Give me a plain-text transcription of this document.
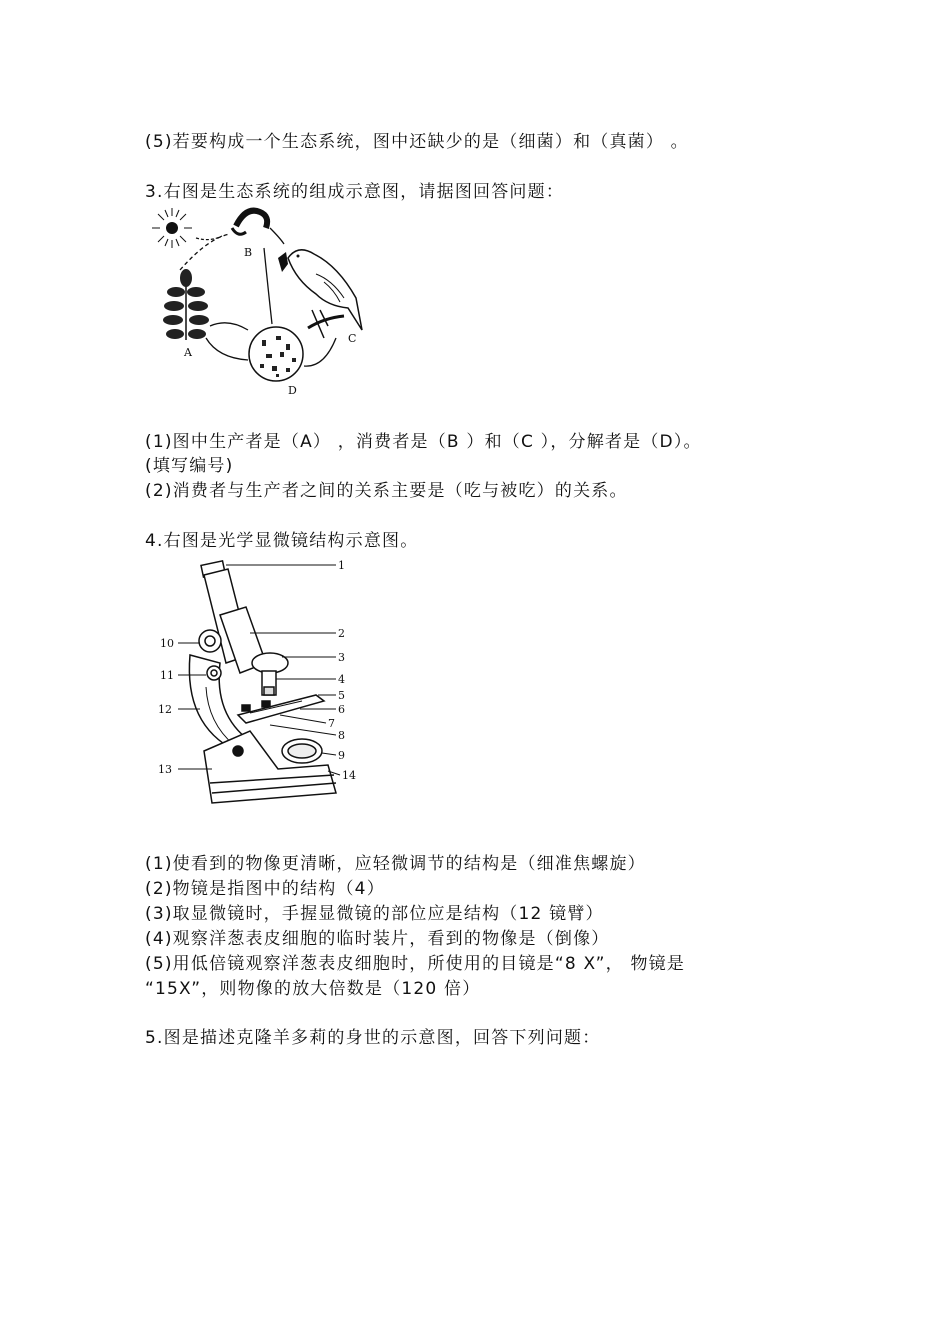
(5)若要构成一个生态系统，图中还缺少的是（细菌）和（真菌） 。
3.右图是生态系统的组成示意图，请据图回答问题：
B
C
A
D
(1)图中生产者是（A） ，消费者是（B ）和（C ），分解者是（D）。
(填写编号)
(2)消费者与生产者之间的关系主要是（吃与被吃）的关系。
4.右图是光学显微镜结构示意图。
1
2
3
4
5
6
7
8
9
10
11
12
13	14
(1)使看到的物像更清晰，应轻微调节的结构是（细准焦螺旋）
(2)物镜是指图中的结构（4）
(3)取显微镜时，手握显微镜的部位应是结构（12 镜臂）
(4)观察洋葱表皮细胞的临时装片，看到的物像是（倒像）
(5)用低倍镜观察洋葱表皮细胞时，所使用的目镜是“8 X”， 物镜是
“15X”，则物像的放大倍数是（120 倍）
5.图是描述克隆羊多莉的身世的示意图，回答下列问题：
